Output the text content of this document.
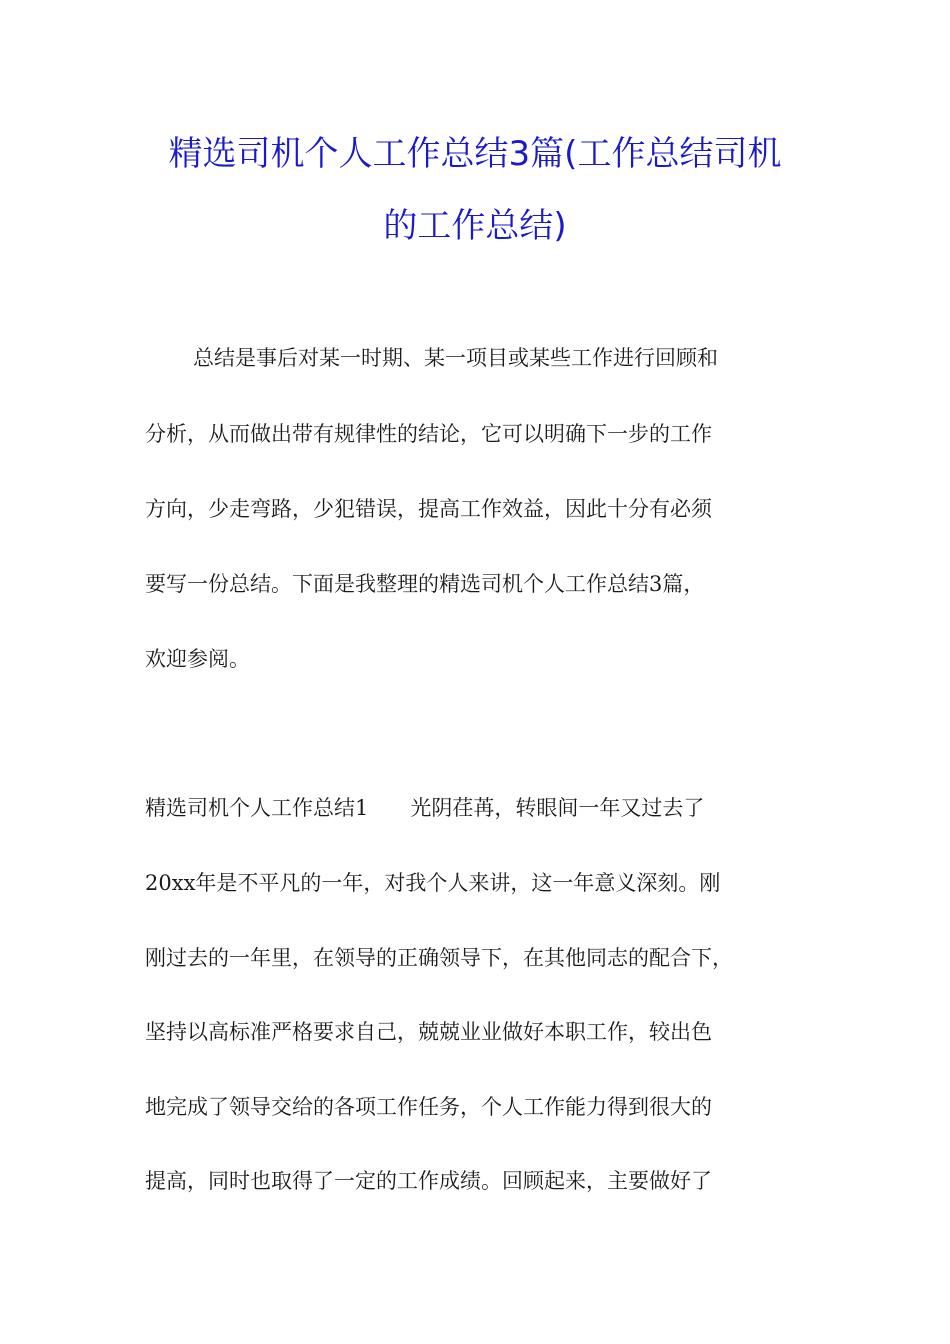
精选司机个人工作总结3篇(工作总结司机
的工作总结)
总结是事后对某一时期、某一项目或某些工作进行回顾和
分析，从而做出带有规律性的结论，它可以明确下一步的工作
方向，少走弯路，少犯错误，提高工作效益，因此十分有必须
要写一份总结。下面是我整理的精选司机个人工作总结3篇，
欢迎参阅。
精选司机个人工作总结1　　光阴荏苒，转眼间一年又过去了
20xx年是不平凡的一年，对我个人来讲，这一年意义深刻。刚
刚过去的一年里，在领导的正确领导下，在其他同志的配合下，
坚持以高标准严格要求自己，兢兢业业做好本职工作，较出色
地完成了领导交给的各项工作任务，个人工作能力得到很大的
提高，同时也取得了一定的工作成绩。回顾起来，主要做好了
